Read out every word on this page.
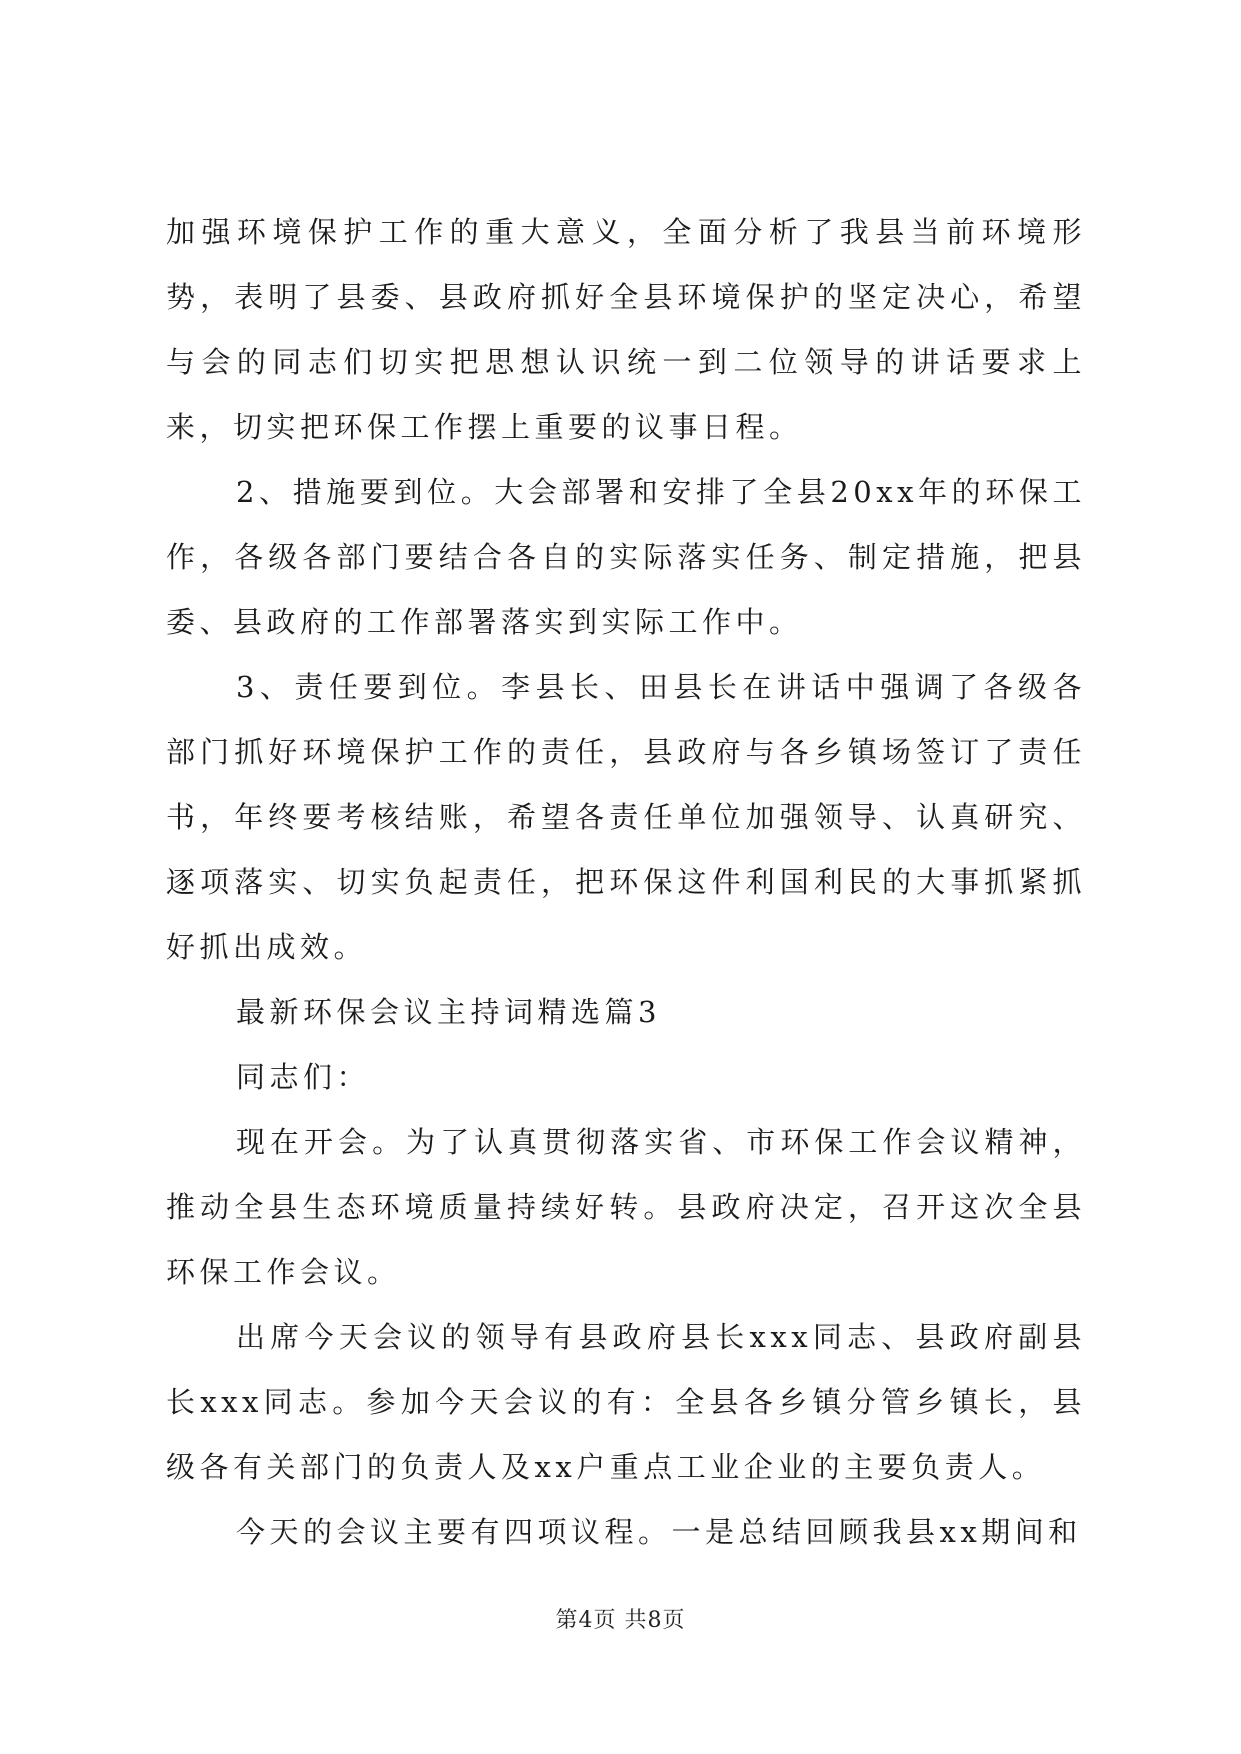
加强环境保护工作的重大意义，全面分析了我县当前环境形势，表明了县委、县政府抓好全县环境保护的坚定决心，希望与会的同志们切实把思想认识统一到二位领导的讲话要求上来，切实把环保工作摆上重要的议事日程。

2、措施要到位。大会部署和安排了全县20xx年的环保工作，各级各部门要结合各自的实际落实任务、制定措施，把县委、县政府的工作部署落实到实际工作中。

3、责任要到位。李县长、田县长在讲话中强调了各级各部门抓好环境保护工作的责任，县政府与各乡镇场签订了责任书，年终要考核结账，希望各责任单位加强领导、认真研究、逐项落实、切实负起责任，把环保这件利国利民的大事抓紧抓好抓出成效。

最新环保会议主持词精选篇3

同志们：

现在开会。为了认真贯彻落实省、市环保工作会议精神，推动全县生态环境质量持续好转。县政府决定，召开这次全县环保工作会议。

出席今天会议的领导有县政府县长xxx同志、县政府副县长xxx同志。参加今天会议的有：全县各乡镇分管乡镇长，县级各有关部门的负责人及xx户重点工业企业的主要负责人。

今天的会议主要有四项议程。一是总结回顾我县xx期间和

第4页 共8页
